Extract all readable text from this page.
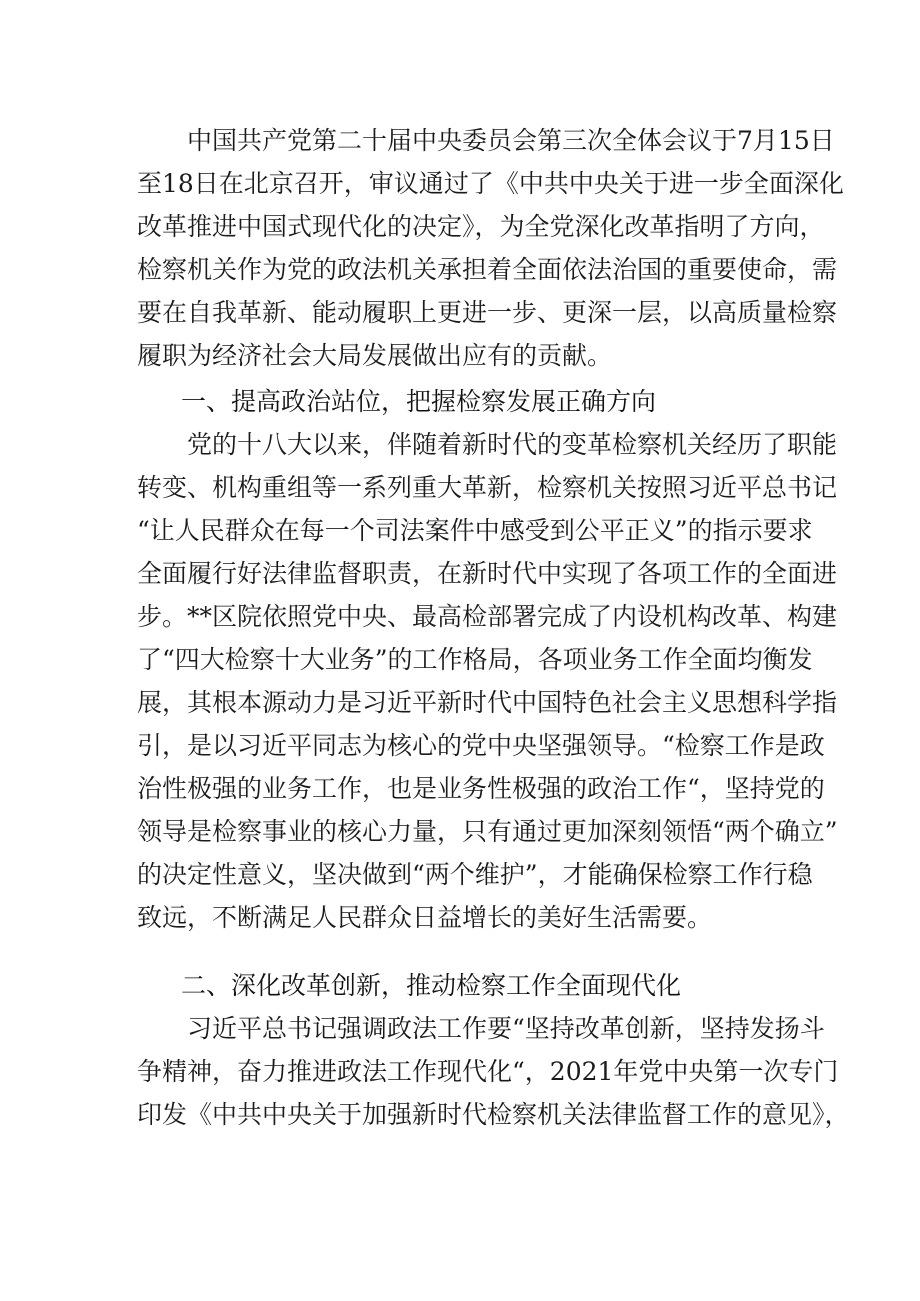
中国共产党第二十届中央委员会第三次全体会议于7月15日
至18日在北京召开，审议通过了《中共中央关于进一步全面深化
改革推进中国式现代化的决定》，为全党深化改革指明了方向，
检察机关作为党的政法机关承担着全面依法治国的重要使命，需
要在自我革新、能动履职上更进一步、更深一层，以高质量检察
履职为经济社会大局发展做出应有的贡献。
一、提高政治站位，把握检察发展正确方向
党的十八大以来，伴随着新时代的变革检察机关经历了职能
转变、机构重组等一系列重大革新，检察机关按照习近平总书记
“让人民群众在每一个司法案件中感受到公平正义”的指示要求
全面履行好法律监督职责，在新时代中实现了各项工作的全面进
步。**区院依照党中央、最高检部署完成了内设机构改革、构建
了“四大检察十大业务”的工作格局，各项业务工作全面均衡发
展，其根本源动力是习近平新时代中国特色社会主义思想科学指
引，是以习近平同志为核心的党中央坚强领导。“检察工作是政
治性极强的业务工作，也是业务性极强的政治工作“，坚持党的
领导是检察事业的核心力量，只有通过更加深刻领悟“两个确立”
的决定性意义，坚决做到“两个维护”，才能确保检察工作行稳
致远，不断满足人民群众日益增长的美好生活需要。
二、深化改革创新，推动检察工作全面现代化
习近平总书记强调政法工作要“坚持改革创新，坚持发扬斗
争精神，奋力推进政法工作现代化“，2021年党中央第一次专门
印发《中共中央关于加强新时代检察机关法律监督工作的意见》，
